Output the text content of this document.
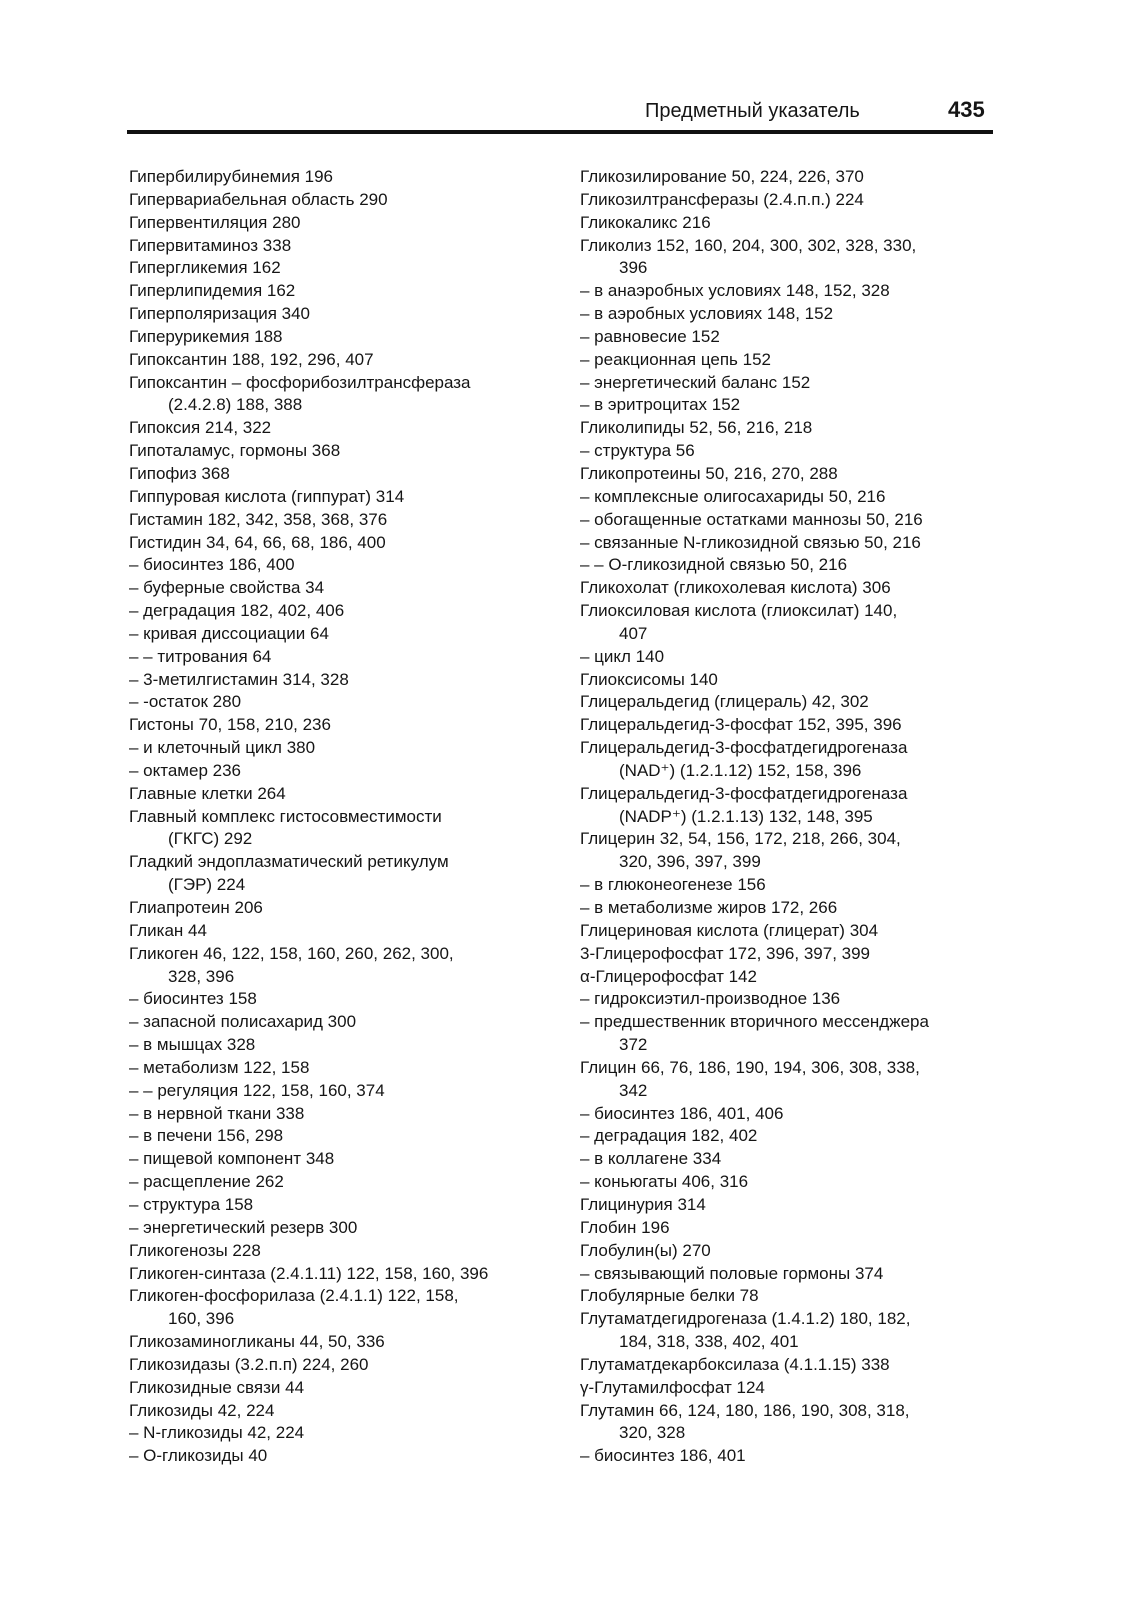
Предметный указатель	435
Гипербилирубинемия 196
Гипервариабельная область 290
Гипервентиляция 280
Гипервитаминоз 338
Гипергликемия 162
Гиперлипидемия 162
Гиперполяризация 340
Гиперурикемия 188
Гипоксантин 188, 192, 296, 407
Гипоксантин – фосфорибозилтрансфераза
(2.4.2.8) 188, 388
Гипоксия 214, 322
Гипоталамус, гормоны 368
Гипофиз 368
Гиппуровая кислота (гиппурат) 314
Гистамин 182, 342, 358, 368, 376
Гистидин 34, 64, 66, 68, 186, 400
– биосинтез 186, 400
– буферные свойства 34
– деградация 182, 402, 406
– кривая диссоциации 64
– – титрования 64
– 3-метилгистамин 314, 328
– -остаток 280
Гистоны 70, 158, 210, 236
– и клеточный цикл 380
– октамер 236
Главные клетки 264
Главный комплекс гистосовместимости
(ГКГС) 292
Гладкий эндоплазматический ретикулум
(ГЭР) 224
Глиапротеин 206
Гликан 44
Гликоген 46, 122, 158, 160, 260, 262, 300,
328, 396
– биосинтез 158
– запасной полисахарид 300
– в мышцах 328
– метаболизм 122, 158
– – регуляция 122, 158, 160, 374
– в нервной ткани 338
– в печени 156, 298
– пищевой компонент 348
– расщепление 262
– структура 158
– энергетический резерв 300
Гликогенозы 228
Гликоген-синтаза (2.4.1.11) 122, 158, 160, 396
Гликоген-фосфорилаза (2.4.1.1) 122, 158,
160, 396
Гликозаминогликаны 44, 50, 336
Гликозидазы (3.2.п.п) 224, 260
Гликозидные связи 44
Гликозиды 42, 224
– N-гликозиды 42, 224
– O-гликозиды 40
Гликозилирование 50, 224, 226, 370
Гликозилтрансферазы (2.4.п.п.) 224
Гликокаликс 216
Гликолиз 152, 160, 204, 300, 302, 328, 330,
396
– в анаэробных условиях 148, 152, 328
– в аэробных условиях 148, 152
– равновесие 152
– реакционная цепь 152
– энергетический баланс 152
– в эритроцитах 152
Гликолипиды 52, 56, 216, 218
– структура 56
Гликопротеины 50, 216, 270, 288
– комплексные олигосахариды 50, 216
– обогащенные остатками маннозы 50, 216
– связанные N-гликозидной связью 50, 216
– – O-гликозидной связью 50, 216
Гликохолат (гликохолевая кислота) 306
Глиоксиловая кислота (глиоксилат) 140,
407
– цикл 140
Глиоксисомы 140
Глицеральдегид (глицераль) 42, 302
Глицеральдегид-3-фосфат 152, 395, 396
Глицеральдегид-3-фосфатдегидрогеназа
(NAD⁺) (1.2.1.12) 152, 158, 396
Глицеральдегид-3-фосфатдегидрогеназа
(NADP⁺) (1.2.1.13) 132, 148, 395
Глицерин 32, 54, 156, 172, 218, 266, 304,
320, 396, 397, 399
– в глюконеогенезе 156
– в метаболизме жиров 172, 266
Глицериновая кислота (глицерат) 304
3-Глицерофосфат 172, 396, 397, 399
α-Глицерофосфат 142
– гидроксиэтил-производное 136
– предшественник вторичного мессенджера
372
Глицин 66, 76, 186, 190, 194, 306, 308, 338,
342
– биосинтез 186, 401, 406
– деградация 182, 402
– в коллагене 334
– коньюгаты 406, 316
Глицинурия 314
Глобин 196
Глобулин(ы) 270
– связывающий половые гормоны 374
Глобулярные белки 78
Глутаматдегидрогеназа (1.4.1.2) 180, 182,
184, 318, 338, 402, 401
Глутаматдекарбоксилаза (4.1.1.15) 338
γ-Глутамилфосфат 124
Глутамин 66, 124, 180, 186, 190, 308, 318,
320, 328
– биосинтез 186, 401
